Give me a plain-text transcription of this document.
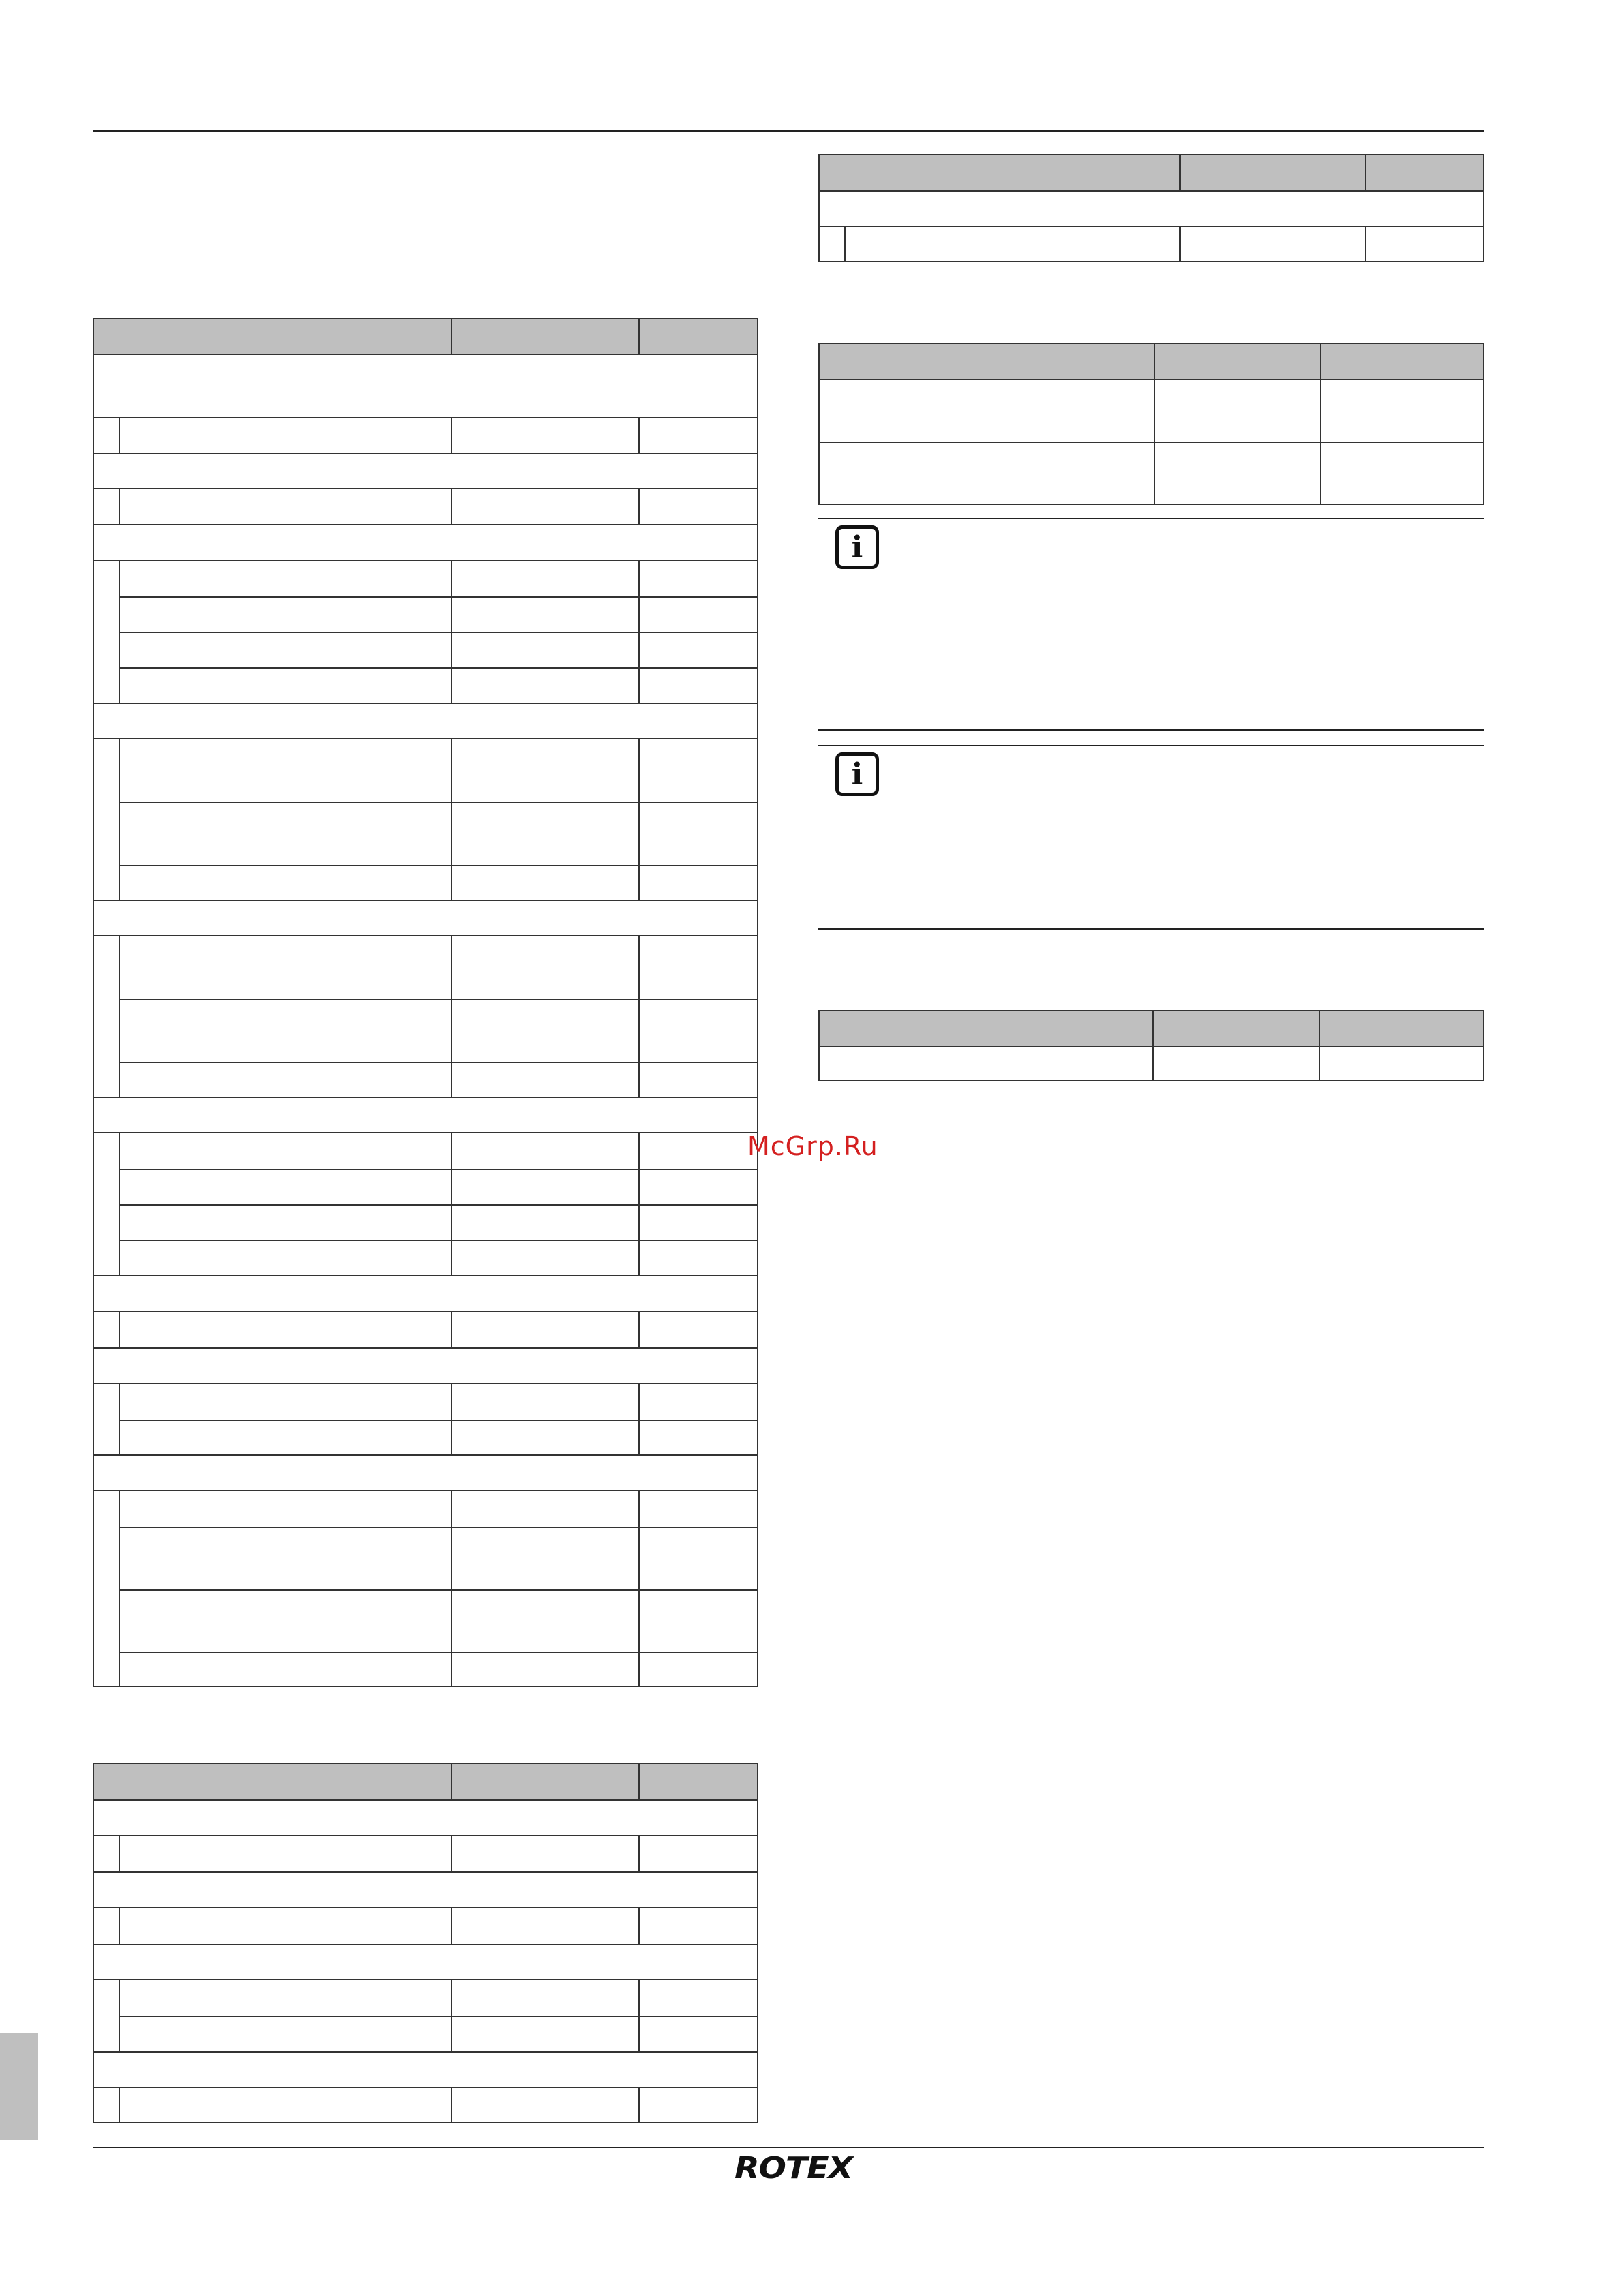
i
i
McGrp.Ru
ROTEX
